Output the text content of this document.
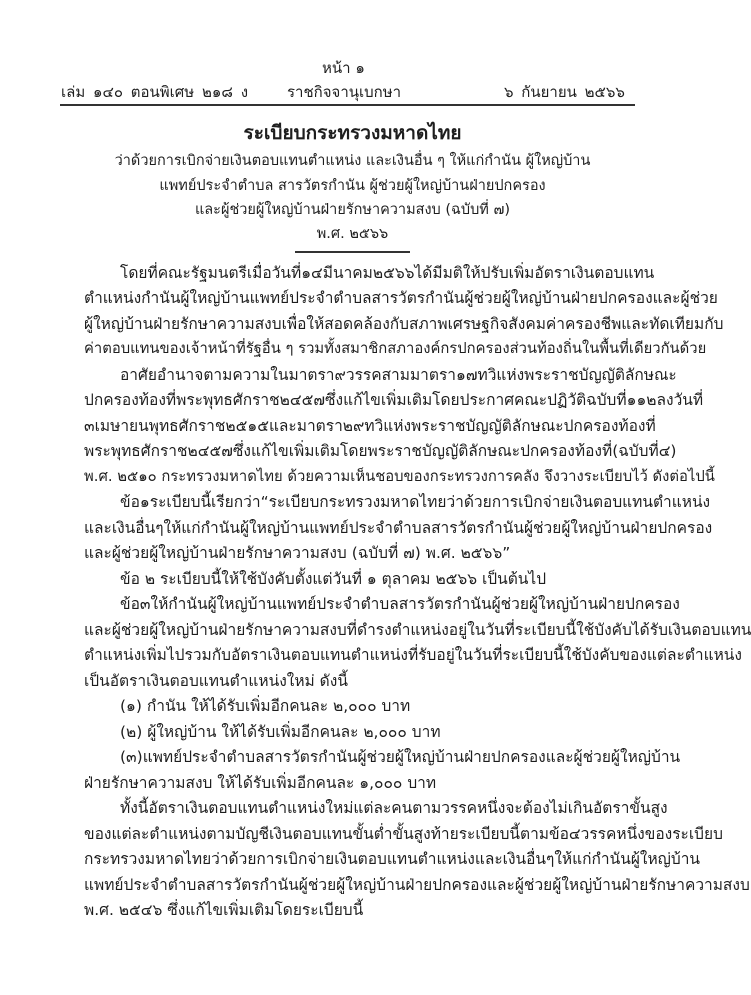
หน้า ๑
เล่ม ๑๔๐ ตอนพิเศษ ๒๑๘ ง	ราชกิจจานุเบกษา	๖ กันยายน ๒๕๖๖
ระเบียบกระทรวงมหาดไทย
ว่าด้วยการเบิกจ่ายเงินตอบแทนตำแหน่ง และเงินอื่น ๆ ให้แก่กำนัน ผู้ใหญ่บ้าน
แพทย์ประจำตำบล สารวัตรกำนัน ผู้ช่วยผู้ใหญ่บ้านฝ่ายปกครอง
และผู้ช่วยผู้ใหญ่บ้านฝ่ายรักษาความสงบ (ฉบับที่ ๗)
พ.ศ. ๒๕๖๖
โดยที่คณะรัฐมนตรีเมื่อวันที่ ๑๔ มีนาคม ๒๕๖๖ ได้มีมติให้ปรับเพิ่มอัตราเงินตอบแทน
ตำแหน่งกำนัน ผู้ใหญ่บ้าน แพทย์ประจำตำบล สารวัตรกำนัน ผู้ช่วยผู้ใหญ่บ้านฝ่ายปกครอง และผู้ช่วย
ผู้ใหญ่บ้านฝ่ายรักษาความสงบ เพื่อให้สอดคล้องกับสภาพเศรษฐกิจ สังคม ค่าครองชีพและทัดเทียมกับ
ค่าตอบแทนของเจ้าหน้าที่รัฐอื่น ๆ รวมทั้งสมาชิกสภาองค์กรปกครองส่วนท้องถิ่นในพื้นที่เดียวกันด้วย
อาศัยอำนาจตามความในมาตรา ๙ วรรคสาม มาตรา ๑๗ ทวิ แห่งพระราชบัญญัติลักษณะ
ปกครองท้องที่ พระพุทธศักราช ๒๔๕๗ ซึ่งแก้ไขเพิ่มเติมโดยประกาศคณะปฏิวัติ ฉบับที่ ๑๑๒ ลงวันที่
๓ เมษายน พุทธศักราช ๒๕๑๕ และมาตรา ๒๙ ทวิ แห่งพระราชบัญญัติลักษณะปกครองท้องที่
พระพุทธศักราช ๒๔๕๗ ซึ่งแก้ไขเพิ่มเติมโดยพระราชบัญญัติลักษณะปกครองท้องที่ (ฉบับที่ ๔)
พ.ศ. ๒๕๑๐ กระทรวงมหาดไทย ด้วยความเห็นชอบของกระทรวงการคลัง จึงวางระเบียบไว้ ดังต่อไปนี้
ข้อ ๑ ระเบียบนี้เรียกว่า “ระเบียบกระทรวงมหาดไทยว่าด้วยการเบิกจ่ายเงินตอบแทนตำแหน่ง
และเงินอื่น ๆ ให้แก่กำนัน ผู้ใหญ่บ้าน แพทย์ประจำตำบล สารวัตรกำนัน ผู้ช่วยผู้ใหญ่บ้านฝ่ายปกครอง
และผู้ช่วยผู้ใหญ่บ้านฝ่ายรักษาความสงบ (ฉบับที่ ๗) พ.ศ. ๒๕๖๖”
ข้อ ๒ ระเบียบนี้ให้ใช้บังคับตั้งแต่วันที่ ๑ ตุลาคม ๒๕๖๖ เป็นต้นไป
ข้อ ๓ ให้กำนัน ผู้ใหญ่บ้าน แพทย์ประจำตำบล สารวัตรกำนัน ผู้ช่วยผู้ใหญ่บ้านฝ่ายปกครอง
และผู้ช่วยผู้ใหญ่บ้านฝ่ายรักษาความสงบ ที่ดำรงตำแหน่งอยู่ในวันที่ระเบียบนี้ใช้บังคับได้รับเงินตอบแทน
ตำแหน่งเพิ่มไปรวมกับอัตราเงินตอบแทนตำแหน่งที่รับอยู่ในวันที่ระเบียบนี้ใช้บังคับของแต่ละตำแหน่ง
เป็นอัตราเงินตอบแทนตำแหน่งใหม่ ดังนี้
(๑) กำนัน ให้ได้รับเพิ่มอีกคนละ ๒,๐๐๐ บาท
(๒) ผู้ใหญ่บ้าน ให้ได้รับเพิ่มอีกคนละ ๒,๐๐๐ บาท
(๓) แพทย์ประจำตำบล สารวัตรกำนัน ผู้ช่วยผู้ใหญ่บ้านฝ่ายปกครอง และผู้ช่วยผู้ใหญ่บ้าน
ฝ่ายรักษาความสงบ ให้ได้รับเพิ่มอีกคนละ ๑,๐๐๐ บาท
ทั้งนี้ อัตราเงินตอบแทนตำแหน่งใหม่แต่ละคนตามวรรคหนึ่งจะต้องไม่เกินอัตราขั้นสูง
ของแต่ละตำแหน่งตามบัญชีเงินตอบแทนขั้นต่ำขั้นสูงท้ายระเบียบนี้ตามข้อ ๔ วรรคหนึ่ง ของระเบียบ
กระทรวงมหาดไทยว่าด้วยการเบิกจ่ายเงินตอบแทนตำแหน่ง และเงินอื่น ๆ ให้แก่กำนัน ผู้ใหญ่บ้าน
แพทย์ประจำตำบล สารวัตรกำนัน ผู้ช่วยผู้ใหญ่บ้านฝ่ายปกครอง และผู้ช่วยผู้ใหญ่บ้านฝ่ายรักษาความสงบ
พ.ศ. ๒๕๔๖ ซึ่งแก้ไขเพิ่มเติมโดยระเบียบนี้
